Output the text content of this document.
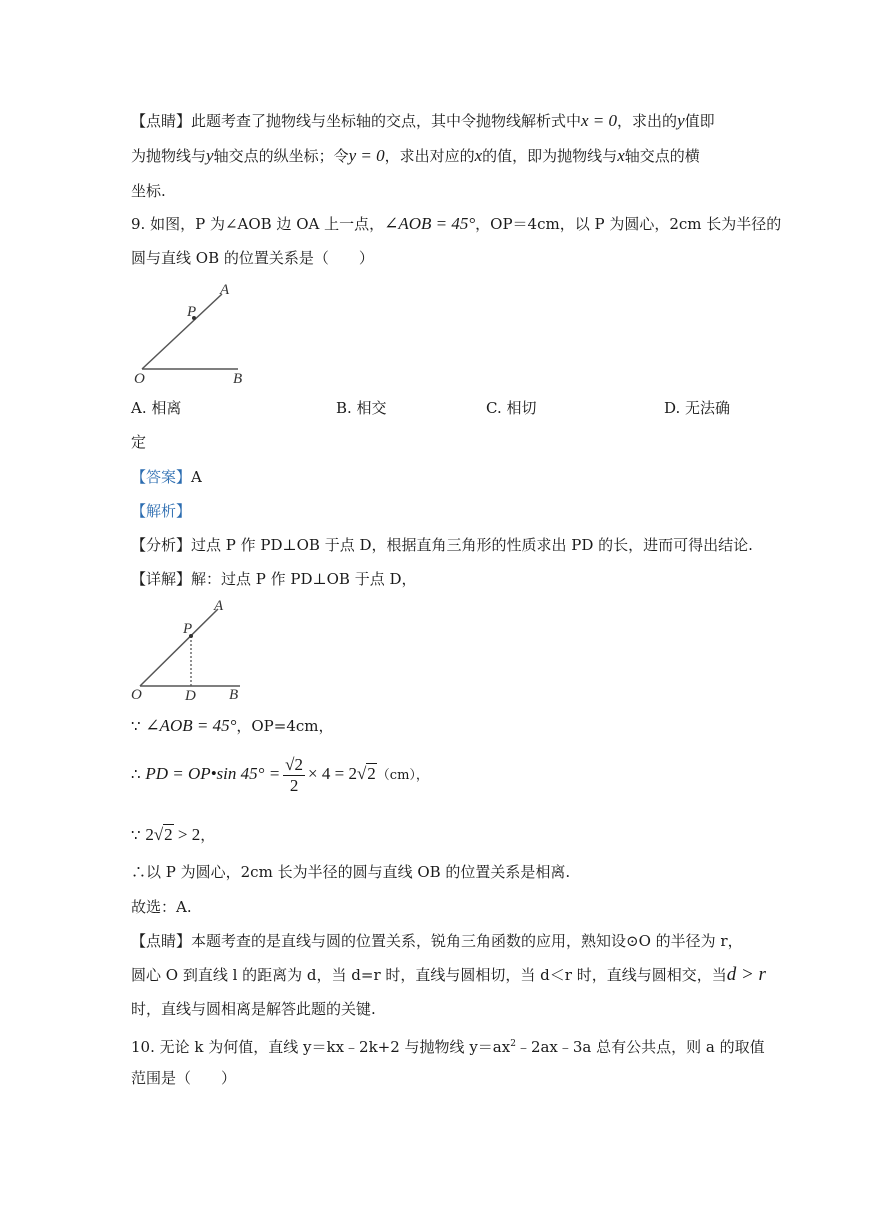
【点睛】此题考查了抛物线与坐标轴的交点，其中令抛物线解析式中x = 0，求出的y值即
为抛物线与y轴交点的纵坐标；令y = 0，求出对应的x的值，即为抛物线与x轴交点的横
坐标.
9. 如图，P 为∠AOB 边 OA 上一点，∠AOB = 45°，OP＝4cm，以 P 为圆心，2cm 长为半径的
圆与直线 OB 的位置关系是（　　）
A
P
O	B
A. 相离	B. 相交	C. 相切	D. 无法确
定
【答案】A
【解析】
【分析】过点 P 作 PD⊥OB 于点 D，根据直角三角形的性质求出 PD 的长，进而可得出结论.
【详解】解：过点 P 作 PD⊥OB 于点 D，
A
P
O	D B
∵ ∠AOB = 45°，OP=4cm，
∴ PD = OP•sin $45^\circ = \frac{√2}{2} \times 4 = 2√2(cm)$，
∵ 2√2 > 2，
∴以 P 为圆心，2cm 长为半径的圆与直线 OB 的位置关系是相离.
故选：A.
【点睛】本题考查的是直线与圆的位置关系，锐角三角函数的应用，熟知设⊙O 的半径为 r，
圆心 O 到直线 l 的距离为 d，当 d=r 时，直线与圆相切，当 d＜r 时，直线与圆相交，当d > r
时，直线与圆相离是解答此题的关键.
10. 无论 k 为何值，直线 y＝kx﹣2k+2 与抛物线 $y=ax^2﹣2ax﹣3a$ 总有公共点，则 a 的取值
范围是（　　）
